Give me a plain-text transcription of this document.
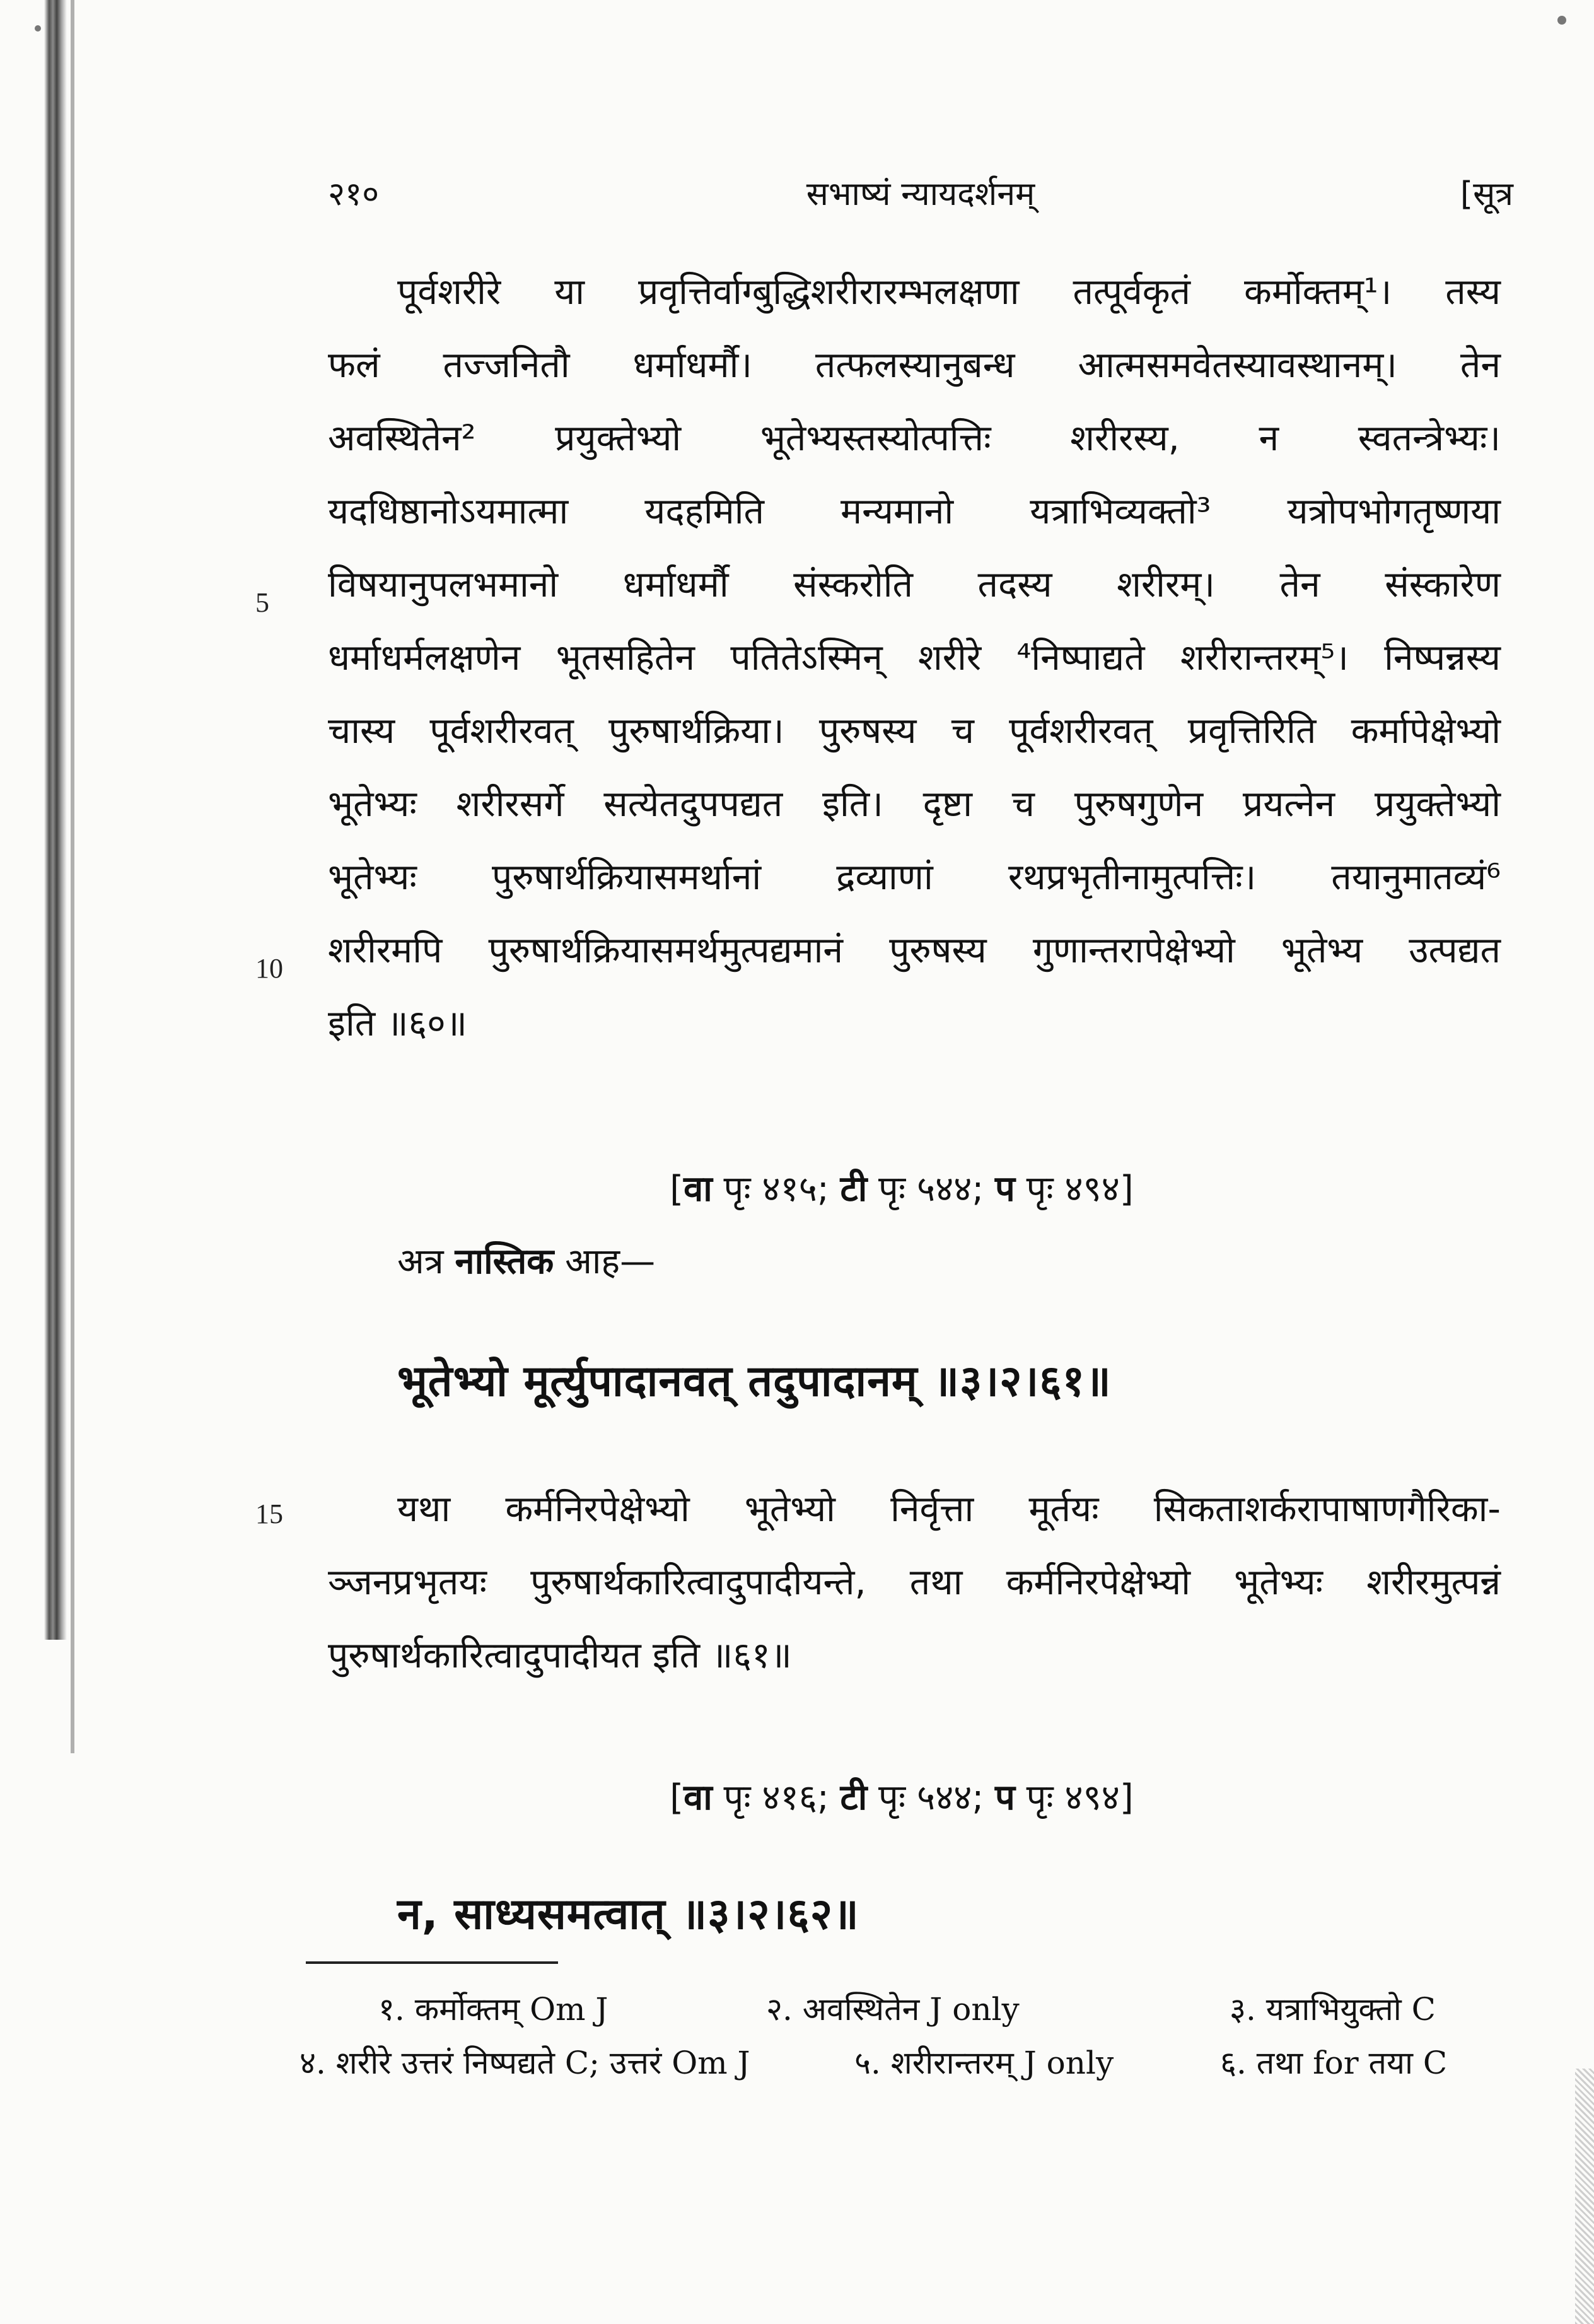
२१०	सभाष्यं न्यायदर्शनम्	[सूत्र
पूर्वशरीरे या प्रवृत्तिर्वाग्बुद्धिशरीरारम्भलक्षणा तत्पूर्वकृतं कर्मोक्तम्¹। तस्य
फलं तज्जनितौ धर्माधर्मौ। तत्फलस्यानुबन्ध आत्मसमवेतस्यावस्थानम्। तेन
अवस्थितेन² प्रयुक्तेभ्यो भूतेभ्यस्तस्योत्पत्तिः शरीरस्य, न स्वतन्त्रेभ्यः।
यदधिष्ठानोऽयमात्मा यदहमिति मन्यमानो यत्राभिव्यक्तो³ यत्रोपभोगतृष्णया
विषयानुपलभमानो धर्माधर्मौ संस्करोति तदस्य शरीरम्। तेन संस्कारेण
धर्माधर्मलक्षणेन भूतसहितेन पतितेऽस्मिन् शरीरे ⁴निष्पाद्यते शरीरान्तरम्⁵। निष्पन्नस्य
चास्य पूर्वशरीरवत् पुरुषार्थक्रिया। पुरुषस्य च पूर्वशरीरवत् प्रवृत्तिरिति कर्मापेक्षेभ्यो
भूतेभ्यः शरीरसर्गे सत्येतदुपपद्यत इति। दृष्टा च पुरुषगुणेन प्रयत्नेन प्रयुक्तेभ्यो
भूतेभ्यः पुरुषार्थक्रियासमर्थानां द्रव्याणां रथप्रभृतीनामुत्पत्तिः। तयानुमातव्यं⁶
शरीरमपि पुरुषार्थक्रियासमर्थमुत्पद्यमानं पुरुषस्य गुणान्तरापेक्षेभ्यो भूतेभ्य उत्पद्यत
इति ॥६०॥
5
10
15
[वा पृः ४१५; टी पृः ५४४; प पृः ४९४]
अत्र नास्तिक आह—
भूतेभ्यो मूर्त्युपादानवत् तदुपादानम् ॥३।२।६१॥
यथा कर्मनिरपेक्षेभ्यो भूतेभ्यो निर्वृत्ता मूर्तयः सिकताशर्करापाषाणगैरिका-
ञ्जनप्रभृतयः पुरुषार्थकारित्वादुपादीयन्ते, तथा कर्मनिरपेक्षेभ्यो भूतेभ्यः शरीरमुत्पन्नं
पुरुषार्थकारित्वादुपादीयत इति ॥६१॥
[वा पृः ४१६; टी पृः ५४४; प पृः ४९४]
न, साध्यसमत्वात् ॥३।२।६२॥
१. कर्मोक्तम् Om J	२. अवस्थितेन J only	३. यत्राभियुक्तो C
४. शरीरे उत्तरं निष्पद्यते C; उत्तरं Om J	५. शरीरान्तरम् J only	६. तथा for तया C
